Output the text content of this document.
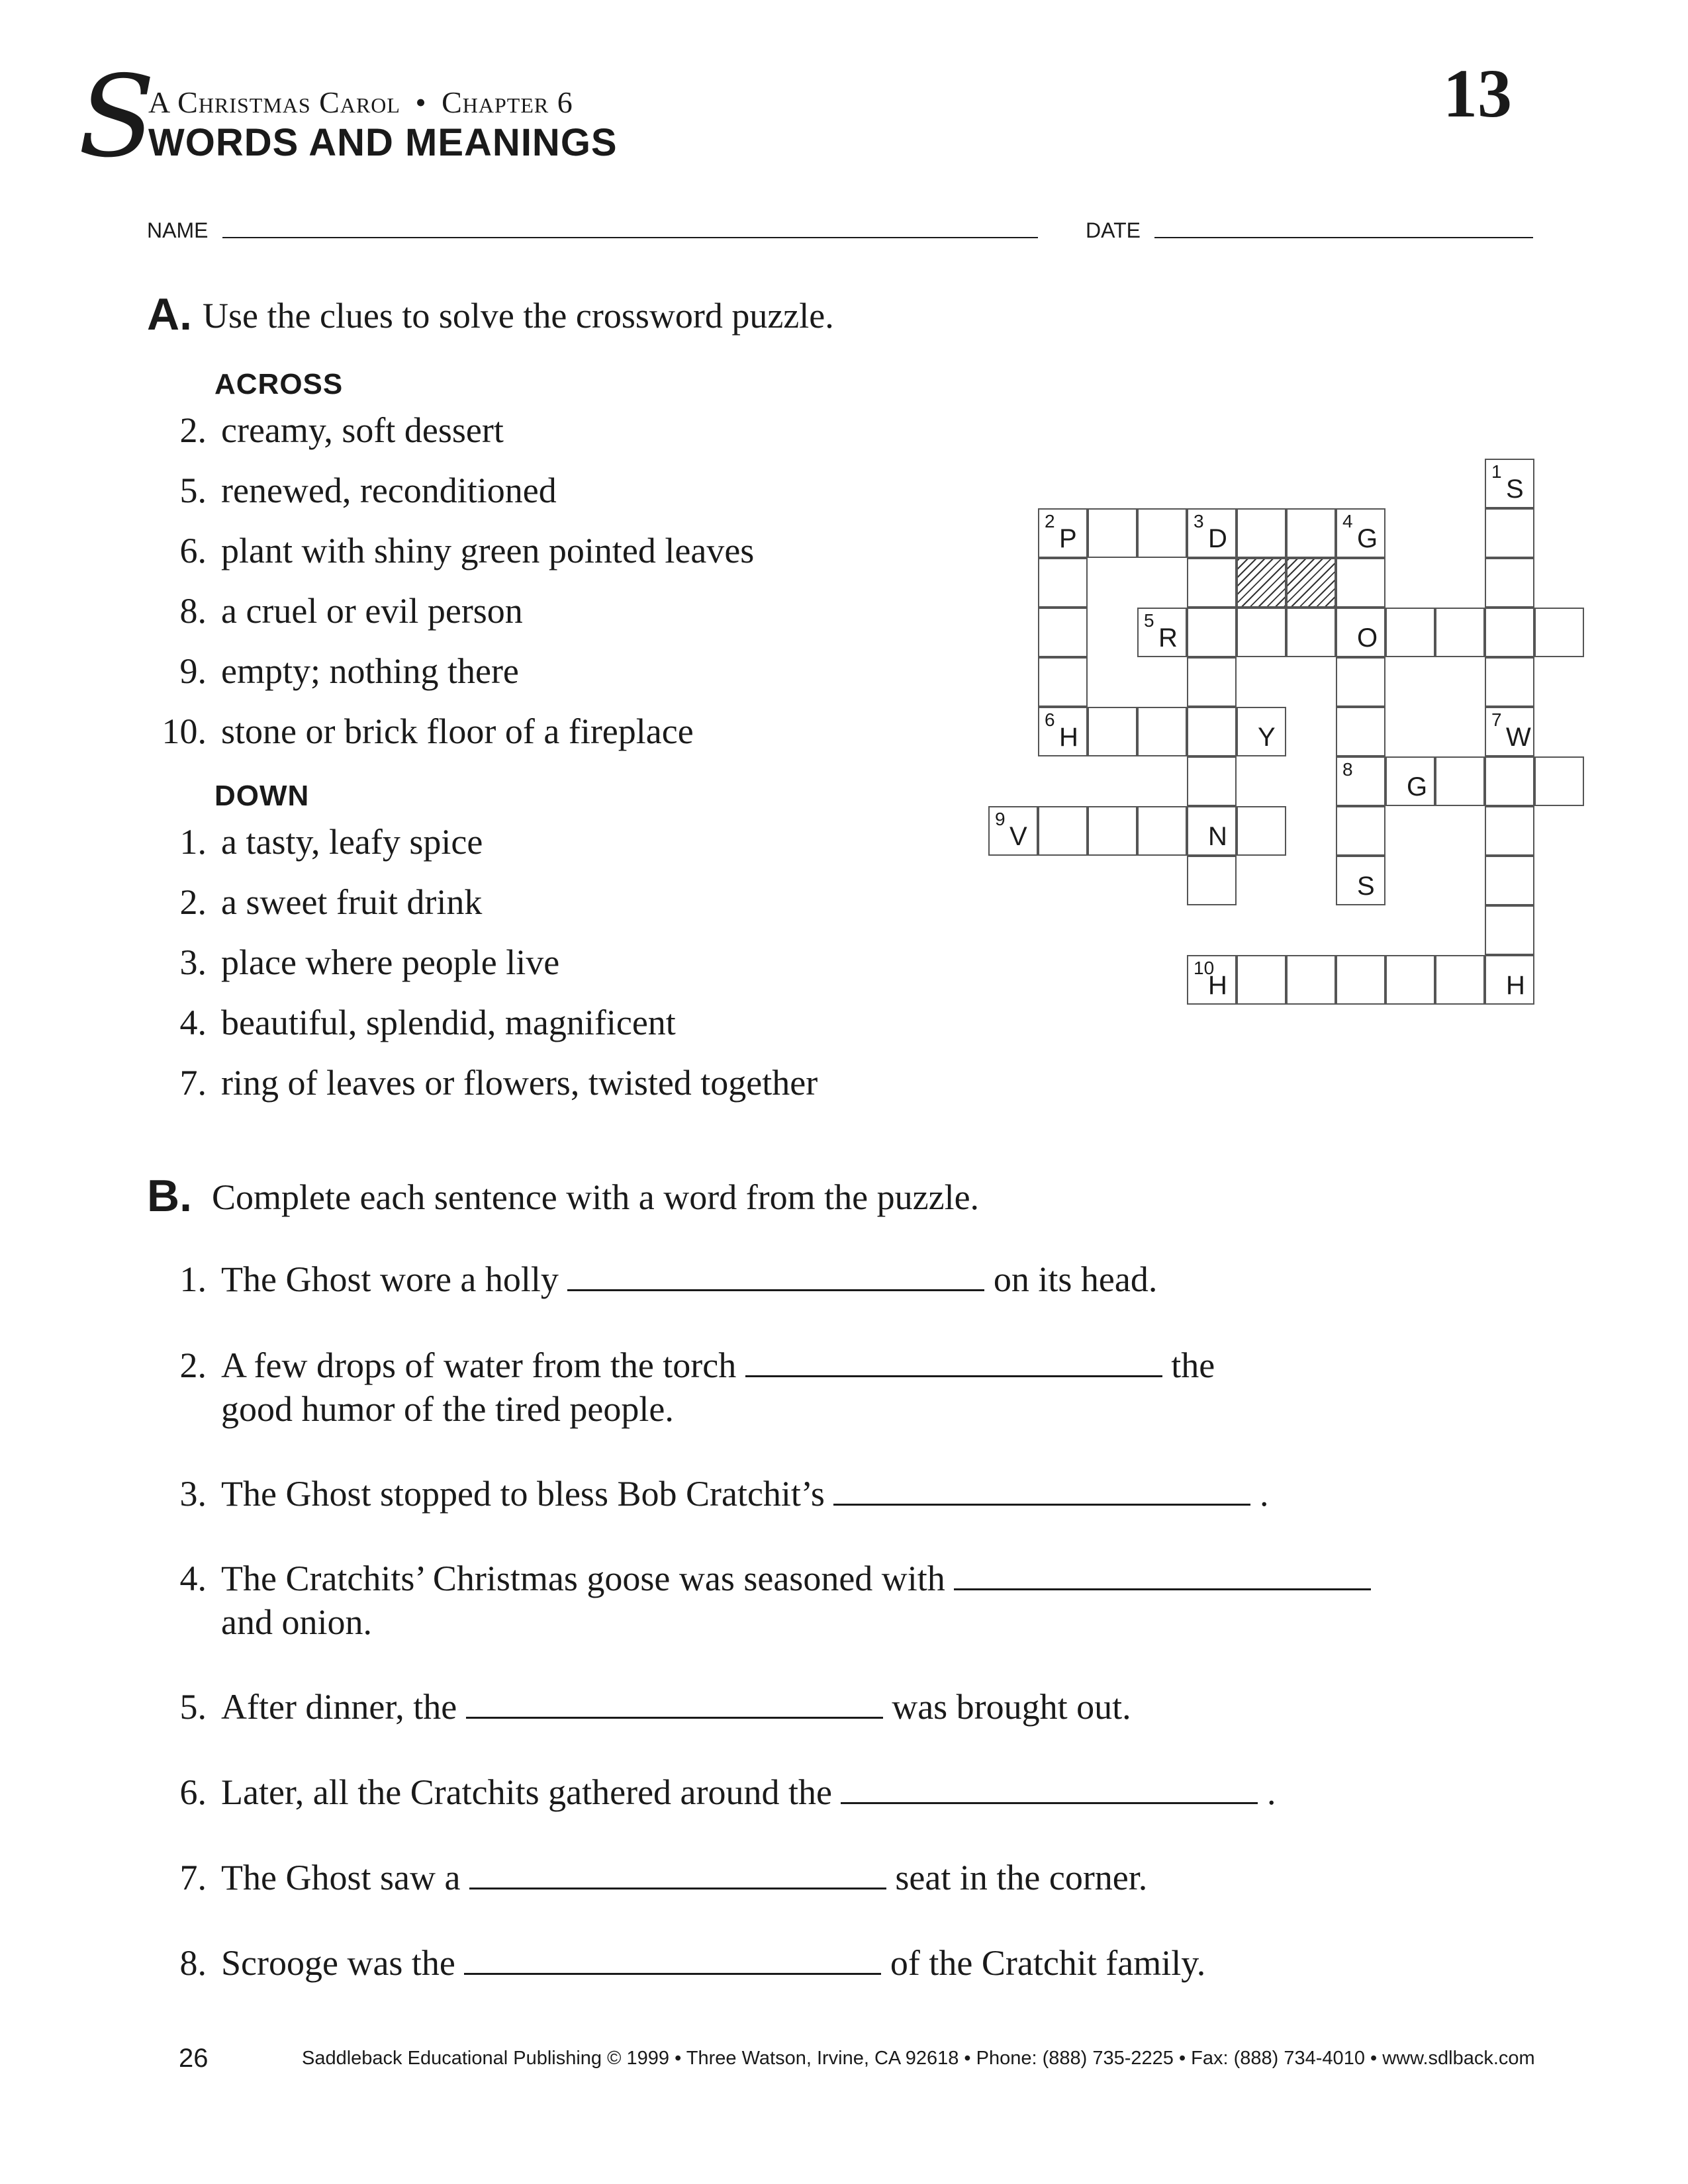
S
A Christmas Carol • Chapter 6
WORDS AND MEANINGS
13
NAME	DATE
A. Use the clues to solve the crossword puzzle.
ACROSS
2. creamy, soft dessert
5. renewed, reconditioned
6. plant with shiny green pointed leaves
8. a cruel or evil person
9. empty; nothing there
10. stone or brick floor of a fireplace
DOWN
1. a tasty, leafy spice
2. a sweet fruit drink
3. place where people live
4. beautiful, splendid, magnificent
7. ring of leaves or flowers, twisted together
1
S
2
P
3
D
4
G
5
R	O
6
H	Y
7
W
8
G
9
V	N
S
10
H	H
B. Complete each sentence with a word from the puzzle.
1. The Ghost wore a holly	on its head.
2. A few drops of water from the torch	the
good humor of the tired people.
3. The Ghost stopped to bless Bob Cratchit’s	.
4. The Cratchits’ Christmas goose was seasoned with
and onion.
5. After dinner, the	was brought out.
6. Later, all the Cratchits gathered around the	.
7. The Ghost saw a	seat in the corner.
8. Scrooge was the	of the Cratchit family.
26	Saddleback Educational Publishing © 1999 • Three Watson, Irvine, CA 92618 • Phone: (888) 735-2225 • Fax: (888) 734-4010 • www.sdlback.com
